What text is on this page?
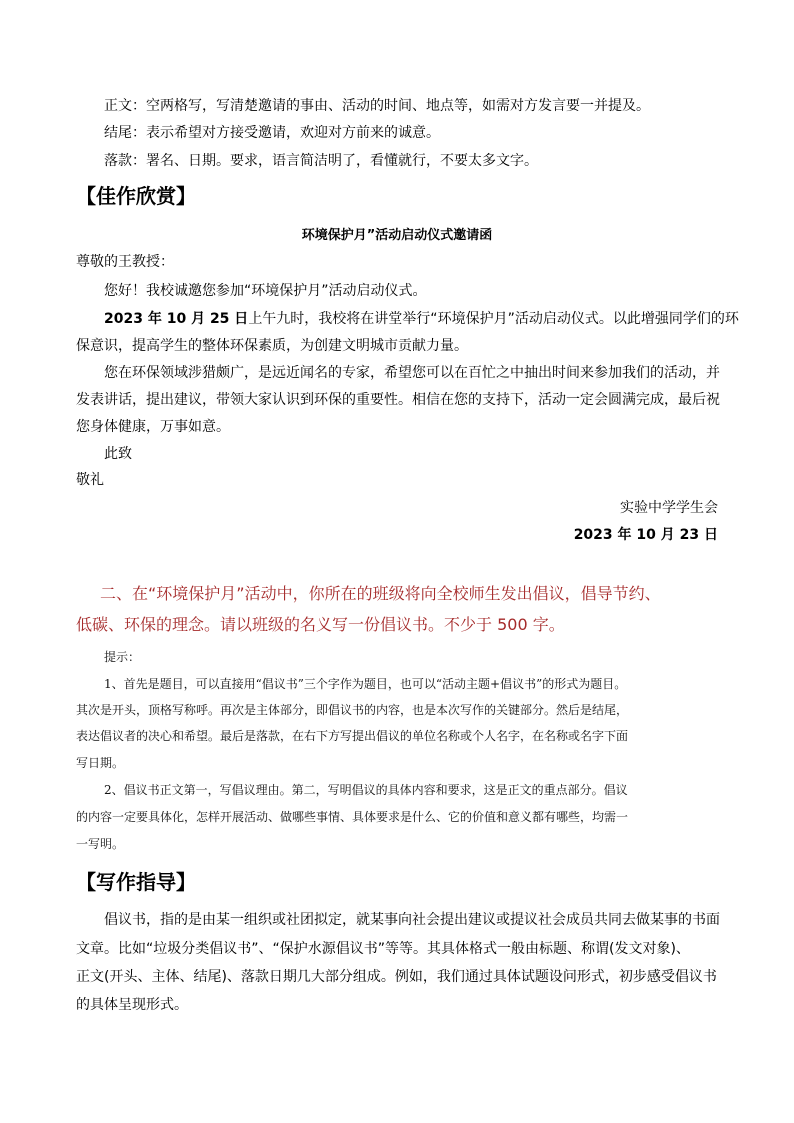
正文：空两格写，写清楚邀请的事由、活动的时间、地点等，如需对方发言要一并提及。
结尾：表示希望对方接受邀请，欢迎对方前来的诚意。
落款：署名、日期。要求，语言简洁明了，看懂就行，不要太多文字。
【佳作欣赏】
环境保护月”活动启动仪式邀请函
尊敬的王教授：
您好！我校诚邀您参加“环境保护月”活动启动仪式。
2023 年 10 月 25 日上午九时，我校将在讲堂举行“环境保护月”活动启动仪式。以此增强同学们的环
保意识，提高学生的整体环保素质，为创建文明城市贡献力量。
您在环保领域涉猎颇广，是远近闻名的专家，希望您可以在百忙之中抽出时间来参加我们的活动，并
发表讲话，提出建议，带领大家认识到环保的重要性。相信在您的支持下，活动一定会圆满完成，最后祝
您身体健康，万事如意。
此致
敬礼
实验中学学生会
2023 年 10 月 23 日
二、在“环境保护月”活动中，你所在的班级将向全校师生发出倡议，倡导节约、
低碳、环保的理念。请以班级的名义写一份倡议书。不少于 500 字。
提示：
1、首先是题目，可以直接用“倡议书”三个字作为题目，也可以“活动主题+倡议书”的形式为题目。
其次是开头，顶格写称呼。再次是主体部分，即倡议书的内容，也是本次写作的关键部分。然后是结尾，
表达倡议者的决心和希望。最后是落款，在右下方写提出倡议的单位名称或个人名字，在名称或名字下面
写日期。
2、倡议书正文第一，写倡议理由。第二，写明倡议的具体内容和要求，这是正文的重点部分。倡议
的内容一定要具体化，怎样开展活动、做哪些事情、具体要求是什么、它的价值和意义都有哪些，均需一
一写明。
【写作指导】
倡议书，指的是由某一组织或社团拟定，就某事向社会提出建议或提议社会成员共同去做某事的书面
文章。比如“垃圾分类倡议书”、“保护水源倡议书”等等。其具体格式一般由标题、称谓(发文对象)、
正文(开头、主体、结尾)、落款日期几大部分组成。例如，我们通过具体试题设问形式，初步感受倡议书
的具体呈现形式。
